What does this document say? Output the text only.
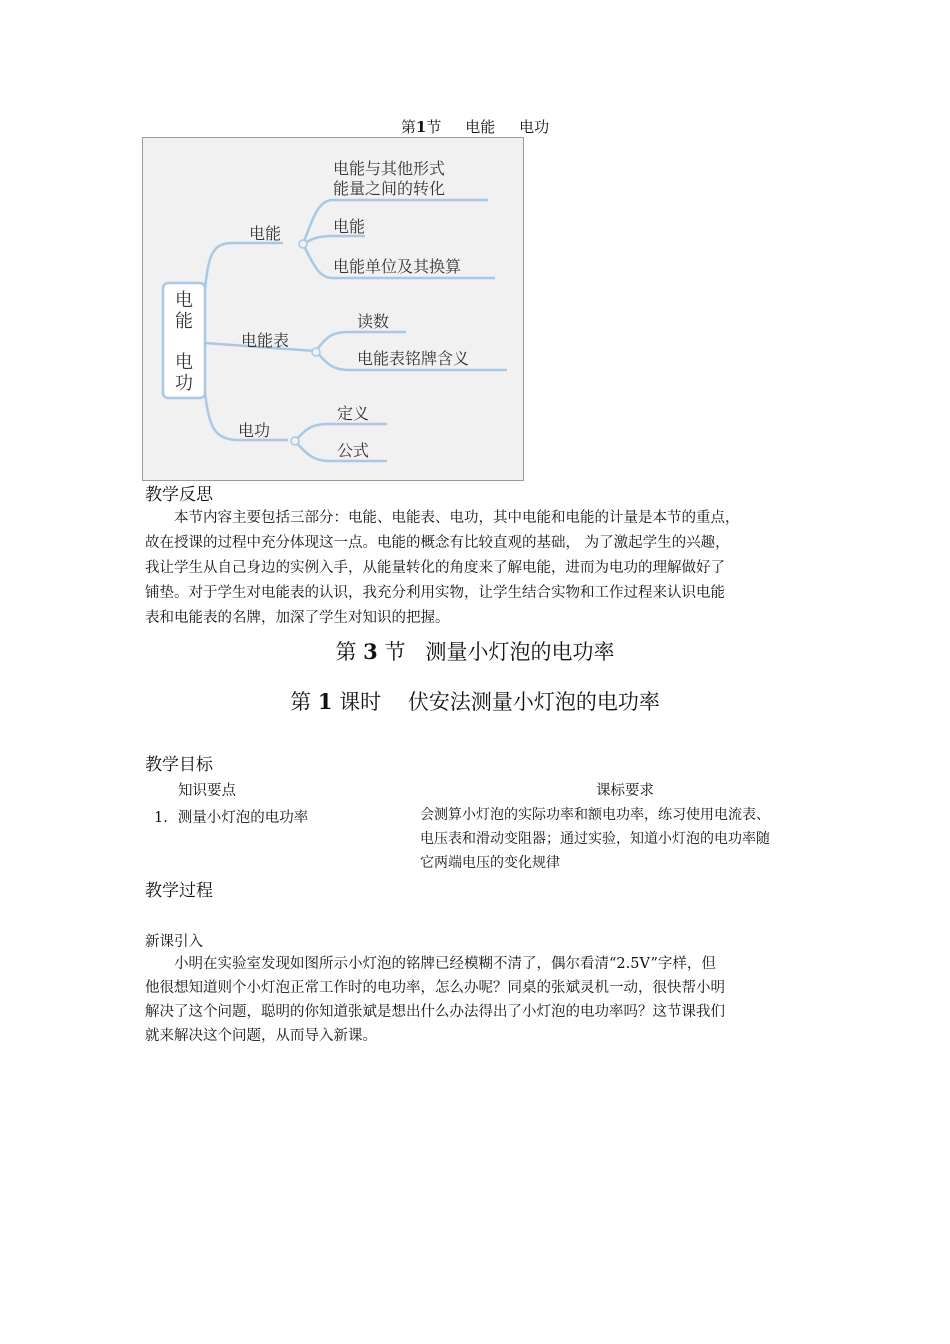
第1节 电能 电功
电
能
电
功
电能
电能与其他形式
能量之间的转化
电能
电能单位及其换算
电能表
读数
电能表铭牌含义
电功
定义
公式
教学反思
本节内容主要包括三部分：电能、电能表、电功，其中电能和电能的计量是本节的重点，
故在授课的过程中充分体现这一点。电能的概念有比较直观的基础， 为了激起学生的兴趣，
我让学生从自己身边的实例入手，从能量转化的角度来了解电能，进而为电功的理解做好了
铺垫。对于学生对电能表的认识，我充分利用实物，让学生结合实物和工作过程来认识电能
表和电能表的名牌，加深了学生对知识的把握。
第 3 节 测量小灯泡的电功率
第 1 课时 伏安法测量小灯泡的电功率
教学目标
知识要点	课标要求
1．测量小灯泡的电功率	会测算小灯泡的实际功率和额电功率，练习使用电流表、
电压表和滑动变阻器；通过实验，知道小灯泡的电功率随
它两端电压的变化规律
教学过程
新课引入
小明在实验室发现如图所示小灯泡的铭牌已经模糊不清了，偶尔看清“2.5V”字样，但
他很想知道则个小灯泡正常工作时的电功率，怎么办呢？同桌的张斌灵机一动，很快帮小明
解决了这个问题，聪明的你知道张斌是想出什么办法得出了小灯泡的电功率吗？这节课我们
就来解决这个问题，从而导入新课。
